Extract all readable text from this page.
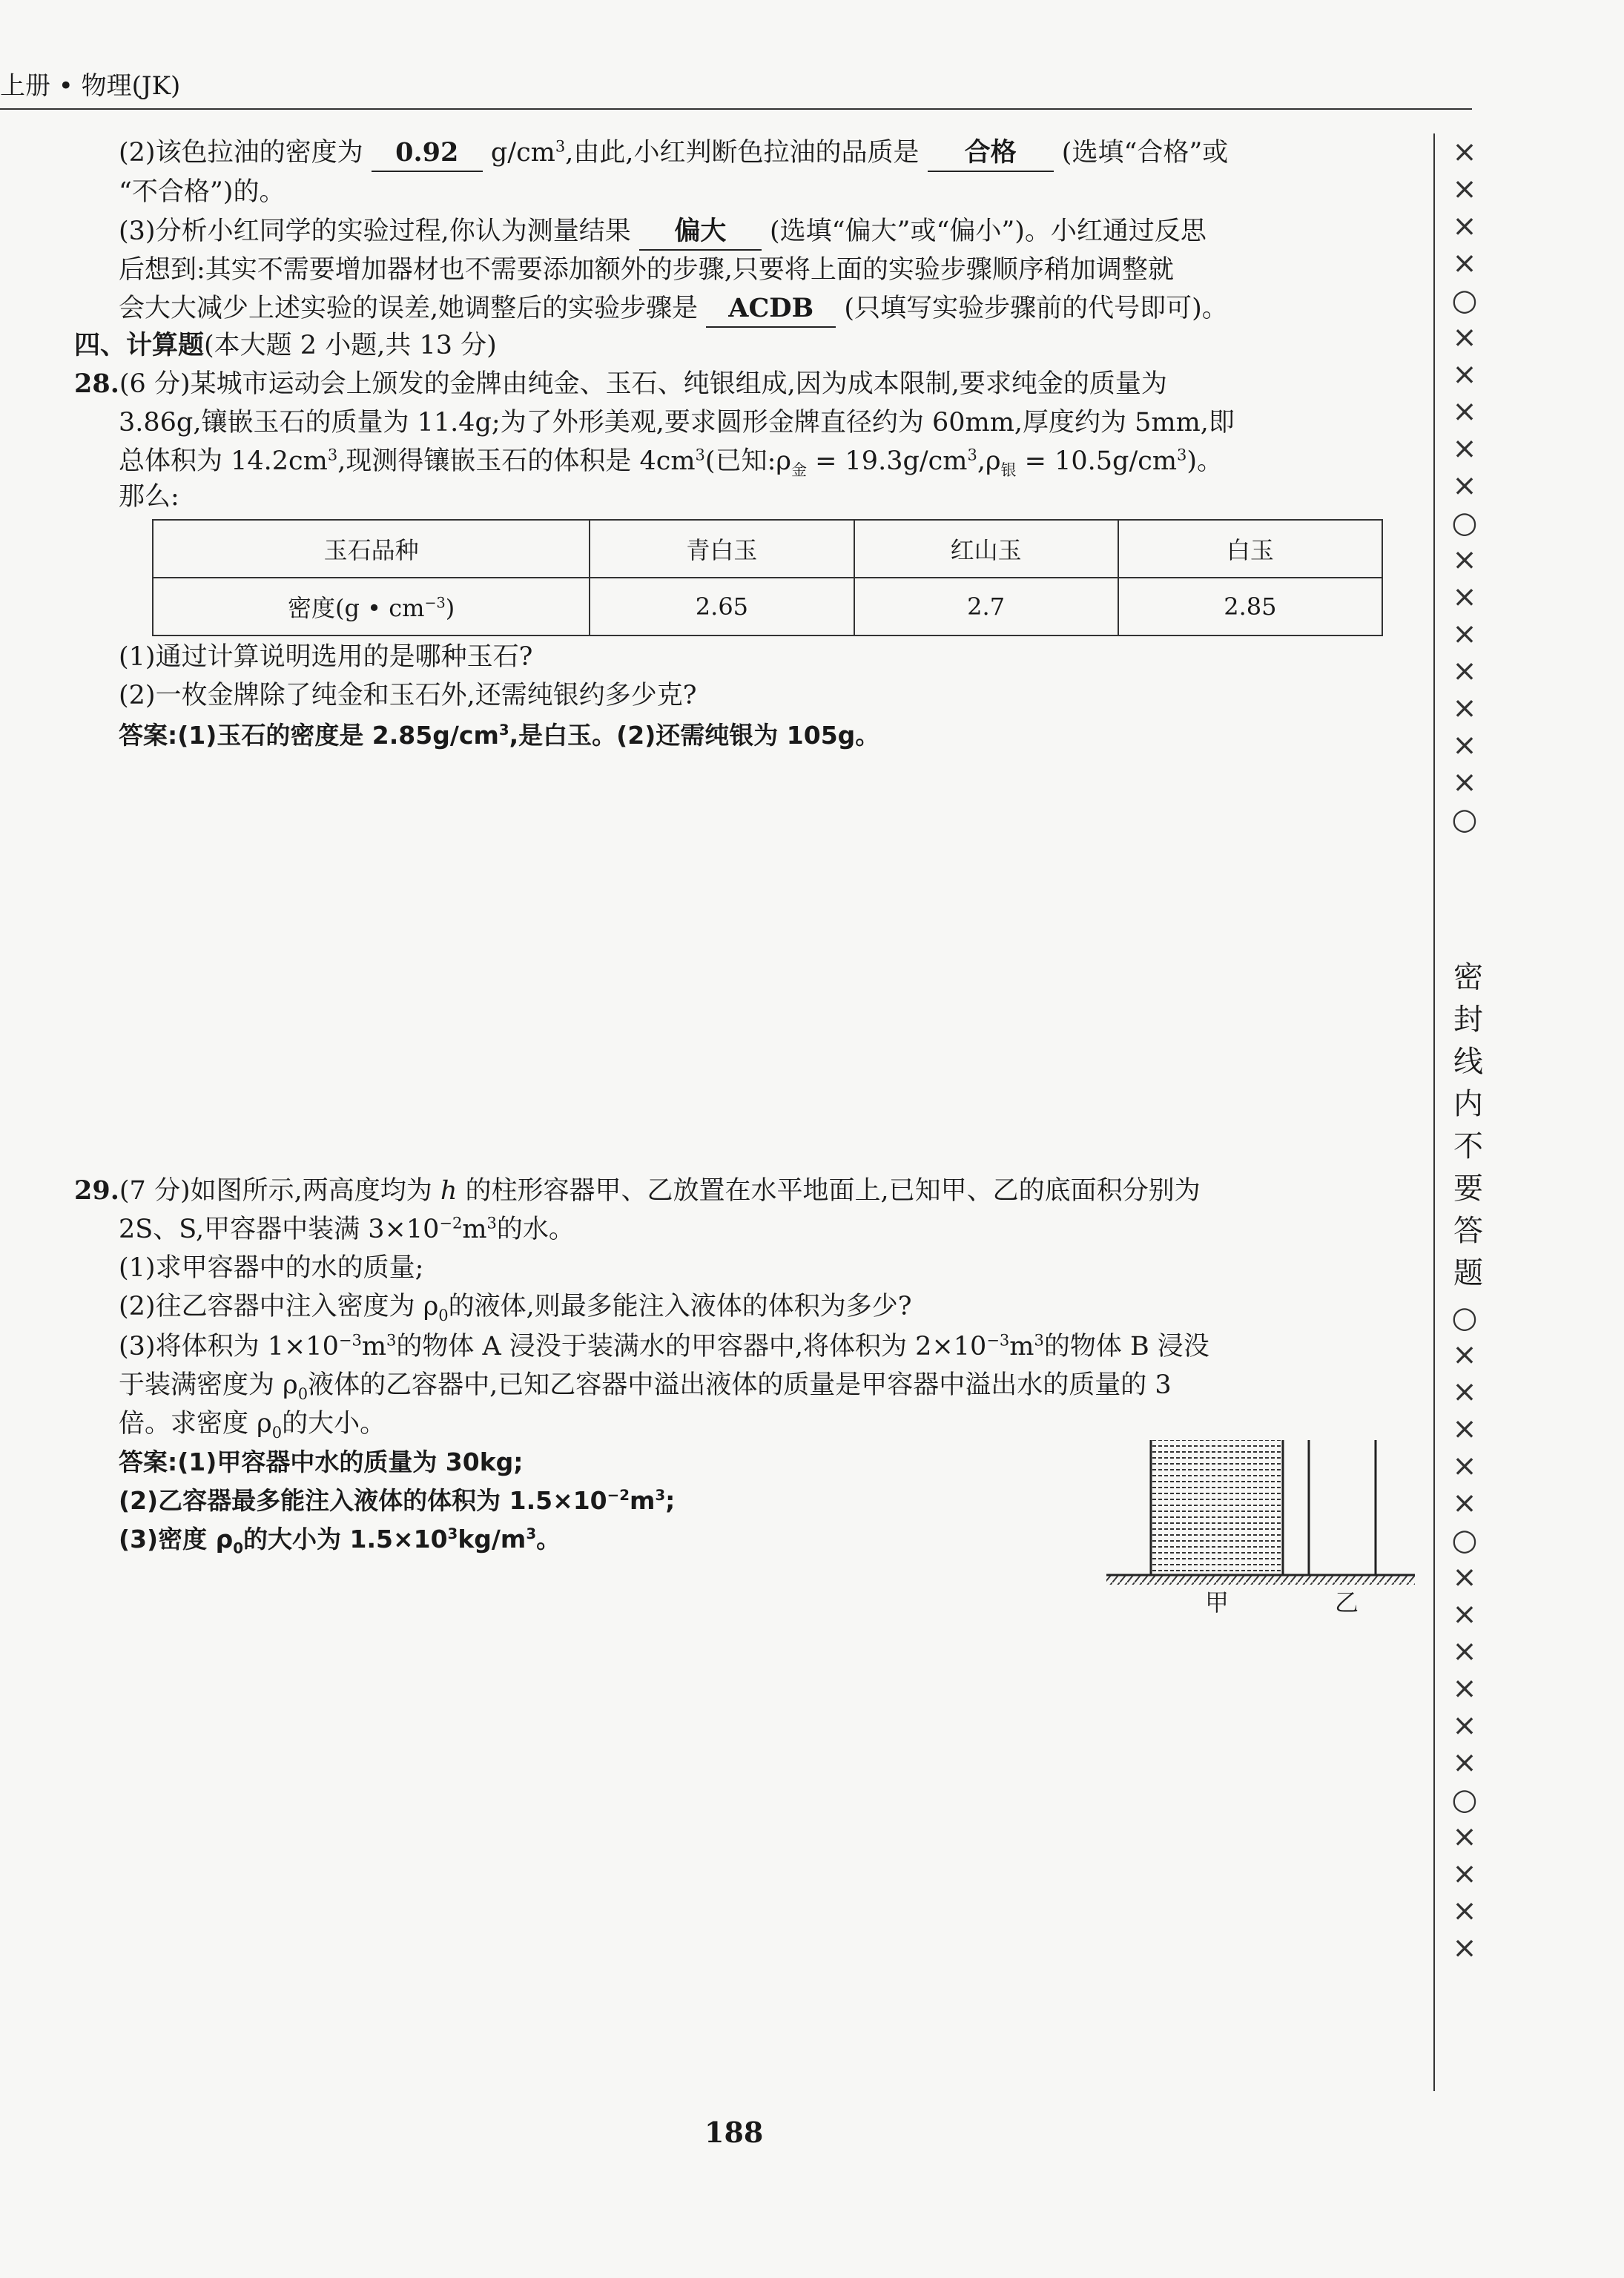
上册 • 物理(JK)
(2)该色拉油的密度为 0.92 $g/cm^3$,由此,小红判断色拉油的品质是 合格 (选填“合格”或
“不合格”)的。
(3)分析小红同学的实验过程,你认为测量结果 偏大 (选填“偏大”或“偏小”)。小红通过反思
后想到:其实不需要增加器材也不需要添加额外的步骤,只要将上面的实验步骤顺序稍加调整就
会大大减少上述实验的误差,她调整后的实验步骤是 ACDB (只填写实验步骤前的代号即可)。
四、计算题(本大题 2 小题,共 13 分)
28.(6 分)某城市运动会上颁发的金牌由纯金、玉石、纯银组成,因为成本限制,要求纯金的质量为
3.86g,镶嵌玉石的质量为 11.4g;为了外形美观,要求圆形金牌直径约为 60mm,厚度约为 5mm,即
总体积为 $14.2cm^3$,现测得镶嵌玉石的体积是 $4cm^3$(已知$:\rho_金 = 19.3g/cm^3,\rho_银 = 10.5g/cm^3$)。
那么:
玉石品种	青白玉	红山玉	白玉
密度(g • $cm^{-3}$)	2.65	2.7	2.85
(1)通过计算说明选用的是哪种玉石?
(2)一枚金牌除了纯金和玉石外,还需纯银约多少克?
答案:(1)玉石的密度是 $2.85g/cm^3$,是白玉。(2)还需纯银为 105g。
29.(7 分)如图所示,两高度均为 h 的柱形容器甲、乙放置在水平地面上,已知甲、乙的底面积分别为
2S、S,甲容器中装满 $3\times 10^{-2}m^3$的水。
(1)求甲容器中的水的质量;
(2)往乙容器中注入密度为 $\rho_0$的液体,则最多能注入液体的体积为多少?
(3)将体积为 $1\times 10^{-3}m^3$的物体 A 浸没于装满水的甲容器中,将体积为 $2\times 10^{-3}m^3$的物体 B 浸没
于装满密度为 $\rho_0$液体的乙容器中,已知乙容器中溢出液体的质量是甲容器中溢出水的质量的 3
倍。求密度 $\rho_0$的大小。
答案:(1)甲容器中水的质量为 30kg;
(2)乙容器最多能注入液体的体积为 $1.5\times 10^{-2}m^3$;
(3)密度 $\rho_0$的大小为 $1.5\times 10^3kg/m^3$。
甲	乙
188
×
×
×
×
○
×
×
×
×
×
○
×
×
×
×
×
×
×
○
密
封
线
内
不
要
答
题
○
×
×
×
×
×
○
×
×
×
×
×
×
○
×
×
×
×
